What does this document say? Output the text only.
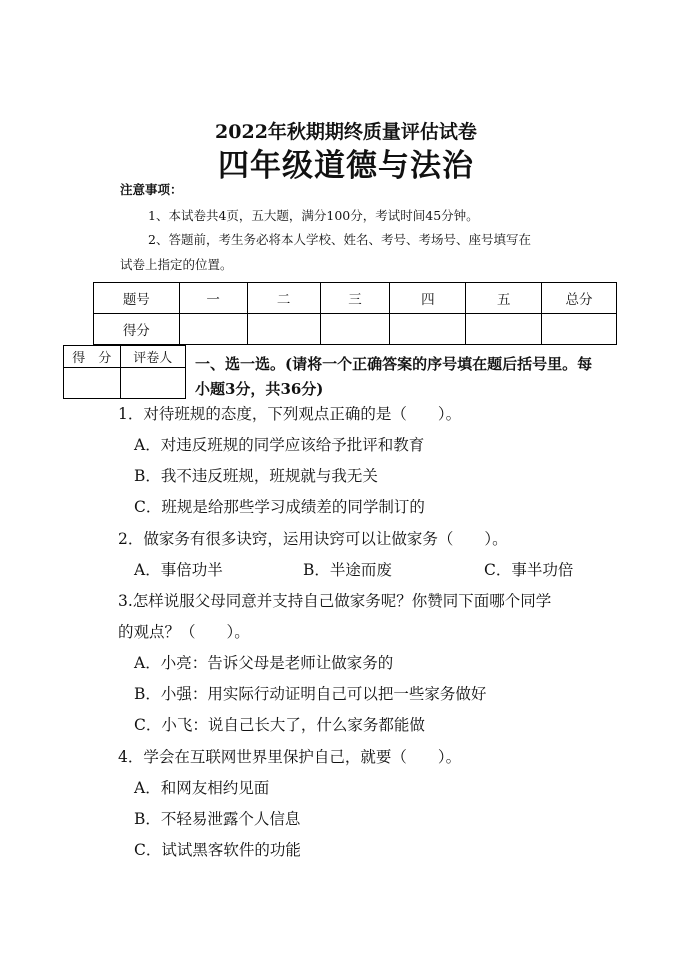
2022年秋期期终质量评估试卷
四年级道德与法治
注意事项：
1、本试卷共4页，五大题，满分100分，考试时间45分钟。
2、答题前，考生务必将本人学校、姓名、考号、考场号、座号填写在
试卷上指定的位置。
题号	一	二	三	四	五	总分
得分						
得　分	评卷人
	一、选一选。(请将一个正确答案的序号填在题后括号里。每
小题3分，共36分)
1．对待班规的态度，下列观点正确的是（　　）。
A．对违反班规的同学应该给予批评和教育
B．我不违反班规，班规就与我无关
C．班规是给那些学习成绩差的同学制订的
2．做家务有很多诀窍，运用诀窍可以让做家务（　　）。
A．事倍功半	B．半途而废	C．事半功倍
3.怎样说服父母同意并支持自己做家务呢？你赞同下面哪个同学
的观点？（　　）。
A．小亮：告诉父母是老师让做家务的
B．小强：用实际行动证明自己可以把一些家务做好
C．小飞：说自己长大了，什么家务都能做
4．学会在互联网世界里保护自己，就要（　　）。
A．和网友相约见面
B．不轻易泄露个人信息
C．试试黑客软件的功能
